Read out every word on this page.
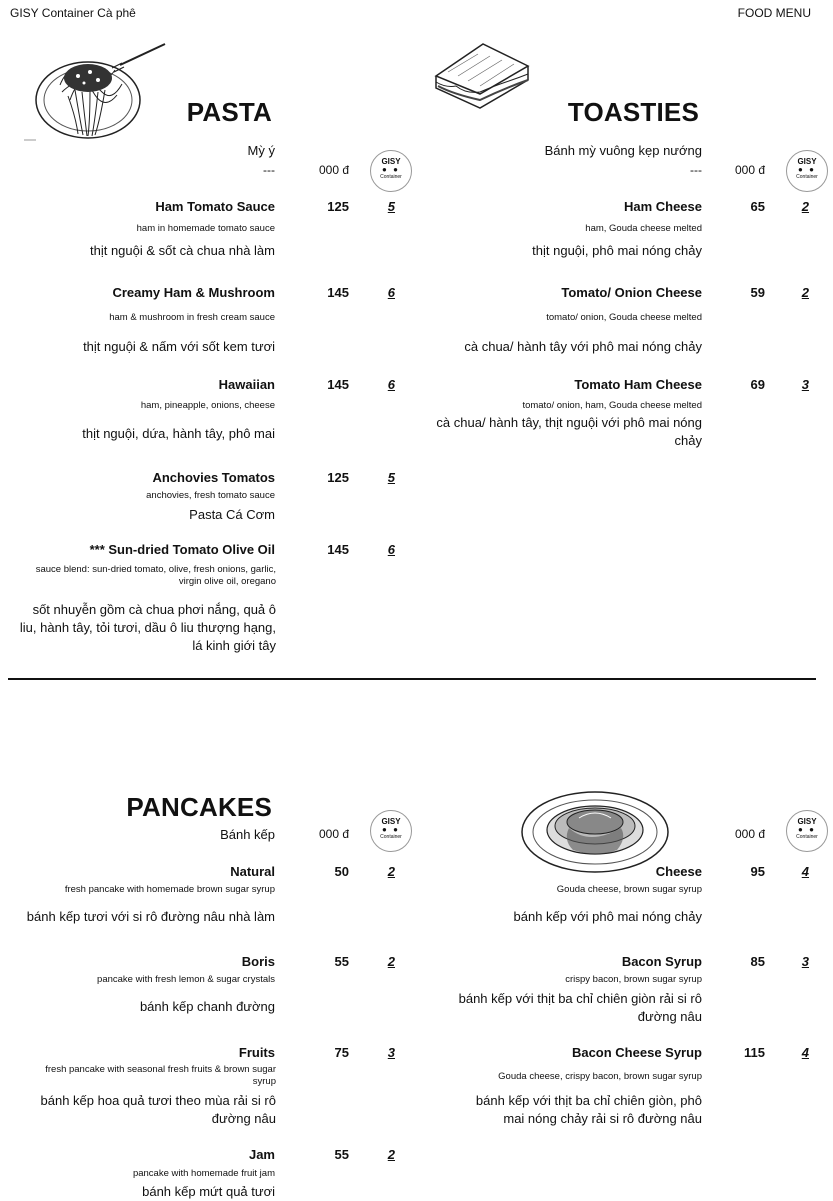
GISY Container Cà phê	FOOD MENU
PASTA
Mỳ ý
---	000 đ
GISY
● ●
Container
Ham Tomato Sauce	125	5
ham in homemade tomato sauce
thịt nguội & sốt cà chua nhà làm
Creamy Ham & Mushroom	145	6
ham & mushroom in fresh cream sauce
thịt nguội & nấm với sốt kem tươi
Hawaiian	145	6
ham, pineapple, onions, cheese
thịt nguội, dứa, hành tây, phô mai
Anchovies Tomatos	125	5
anchovies, fresh tomato sauce
Pasta Cá Cơm
*** Sun-dried Tomato Olive Oil	145	6
sauce blend: sun-dried tomato, olive, fresh onions, garlic, virgin olive oil, oregano
sốt nhuyễn gồm cà chua phơi nắng, quả ô liu, hành tây, tỏi tươi, dầu ô liu thượng hạng, lá kinh giới tây
TOASTIES
Bánh mỳ vuông kẹp nướng
---	000 đ
GISY
● ●
Container
Ham Cheese	65	2
ham, Gouda cheese melted
thịt nguội, phô mai nóng chảy
Tomato/ Onion Cheese	59	2
tomato/ onion, Gouda cheese melted
cà chua/ hành tây với phô mai nóng chảy
Tomato Ham Cheese	69	3
tomato/ onion, ham, Gouda cheese melted
cà chua/ hành tây, thịt nguội với phô mai nóng chảy
PANCAKES
Bánh kếp	000 đ
GISY
● ●
Container	000 đ
GISY
● ●
Container
Natural	50	2
fresh pancake with homemade brown sugar syrup
bánh kếp tươi với si rô đường nâu nhà làm
Boris	55	2
pancake with fresh lemon & sugar crystals
bánh kếp chanh đường
Fruits	75	3
fresh pancake with seasonal fresh fruits & brown sugar syrup
bánh kếp hoa quả tươi theo mùa rải si rô đường nâu
Jam	55	2
pancake with homemade fruit jam
bánh kếp mứt quả tươi
Cheese	95	4
Gouda cheese, brown sugar syrup
bánh kếp với phô mai nóng chảy
Bacon Syrup	85	3
crispy bacon, brown sugar syrup
bánh kếp với thịt ba chỉ chiên giòn rải si rô đường nâu
Bacon Cheese Syrup	115	4
Gouda cheese, crispy bacon, brown sugar syrup
bánh kếp với thịt ba chỉ chiên giòn, phô mai nóng chảy rải si rô đường nâu
